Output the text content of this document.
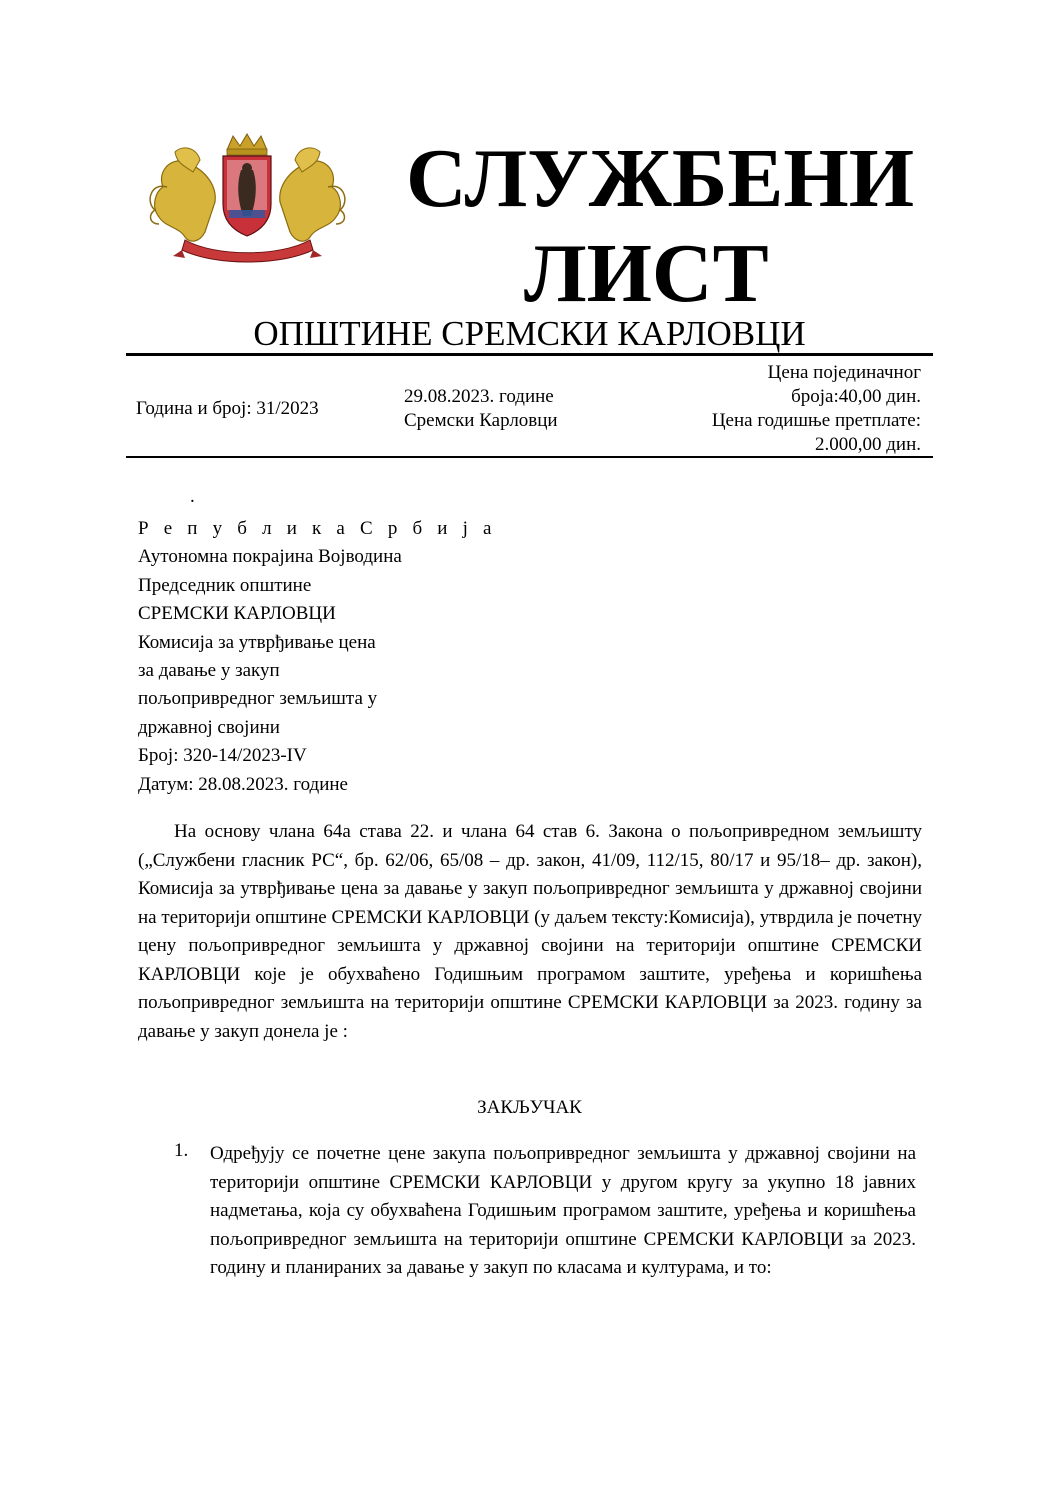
СЛУЖБЕНИ
ЛИСТ
ОПШТИНЕ СРЕМСКИ КАРЛОВЦИ
Година и број: 31/2023
29.08.2023. године
Сремски Карловци
Цена појединачног
броја:40,00 дин.
Цена годишње претплате:
2.000,00 дин.
.
Р е п у б л и к а С р б и ј а
Аутономна покрајина Војводина
Председник општине
СРЕМСКИ КАРЛОВЦИ
Комисија за утврђивање цена
за давање у закуп
пољопривредног земљишта у
државној својини
Број: 320-14/2023-IV
Датум: 28.08.2023. године

На основу члана 64а става 22. и члана 64 став 6. Закона о пољопривредном земљишту („Службени гласник РС“, бр. 62/06, 65/08 – др. закон, 41/09, 112/15, 80/17 и 95/18– др. закон), Комисија за утврђивање цена за давање у закуп пољопривредног земљишта у државној својини на територији општине СРЕМСКИ КАРЛОВЦИ (у даљем тексту:Комисија), утврдила је почетну цену пољопривредног земљишта у државној својини на територији општине СРЕМСКИ КАРЛОВЦИ које је обухваћено Годишњим програмом заштите, уређења и коришћења пољопривредног земљишта на територији општине СРЕМСКИ КАРЛОВЦИ за 2023. годину за давање у закуп донела је :

ЗАКЉУЧАК
1. Одређују се почетне цене закупа пољопривредног земљишта у државној својини на територији општине СРЕМСКИ КАРЛОВЦИ у другом кругу за укупно 18 јавних надметања, која су обухваћена Годишњим програмом заштите, уређења и коришћења пољопривредног земљишта на територији општине СРЕМСКИ КАРЛОВЦИ за 2023. годину и планираних за давање у закуп по класама и културама, и то:
